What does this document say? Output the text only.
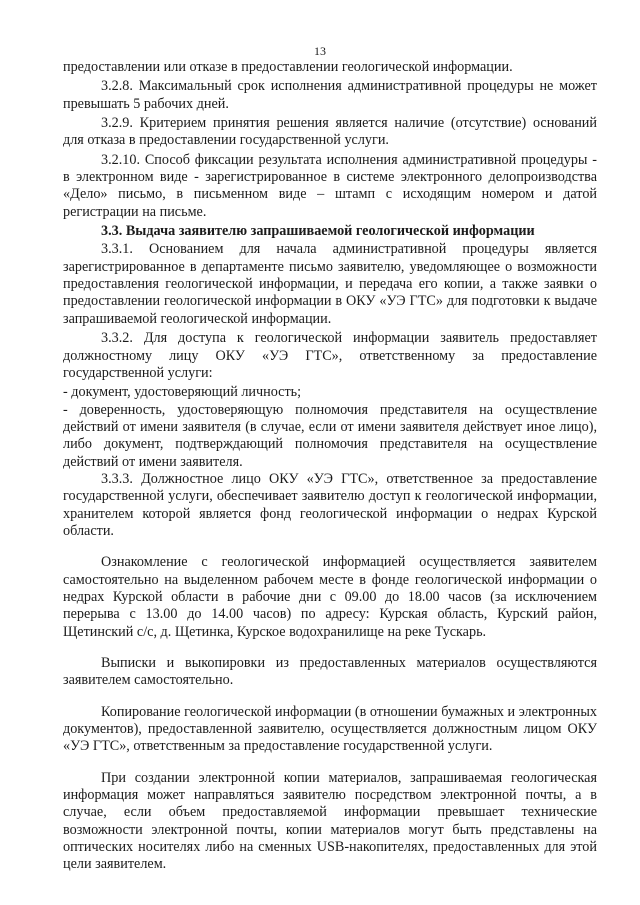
13

предоставлении или отказе в предоставлении геологической информации.

3.2.8. Максимальный срок исполнения административной процедуры не может превышать 5 рабочих дней.

3.2.9. Критерием принятия решения является наличие (отсутствие) оснований для отказа в предоставлении государственной услуги.

3.2.10. Способ фиксации результата исполнения административной процедуры - в электронном виде - зарегистрированное в системе электронного делопроизводства «Дело» письмо, в письменном виде – штамп с исходящим номером и датой регистрации на письме.

3.3. Выдача заявителю запрашиваемой геологической информации

3.3.1. Основанием для начала административной процедуры является зарегистрированное в департаменте письмо заявителю, уведомляющее о возможности предоставления геологической информации, и передача его копии, а также заявки о предоставлении геологической информации в ОКУ «УЭ ГТС» для подготовки к выдаче запрашиваемой геологической информации.

3.3.2. Для доступа к геологической информации заявитель предоставляет должностному лицу ОКУ «УЭ ГТС», ответственному за предоставление государственной услуги:

- документ, удостоверяющий личность;

- доверенность, удостоверяющую полномочия представителя на осуществление действий от имени заявителя (в случае, если от имени заявителя действует иное лицо), либо документ, подтверждающий полномочия представителя на осуществление действий от имени заявителя.

3.3.3. Должностное лицо ОКУ «УЭ ГТС», ответственное за предоставление государственной услуги, обеспечивает заявителю доступ к геологической информации, хранителем которой является фонд геологической информации о недрах Курской области.

Ознакомление с геологической информацией осуществляется заявителем самостоятельно на выделенном рабочем месте в фонде геологической информации о недрах Курской области в рабочие дни с 09.00 до 18.00 часов (за исключением перерыва с 13.00 до 14.00 часов) по адресу: Курская область, Курский район, Щетинский с/с, д. Щетинка, Курское водохранилище на реке Тускарь.

Выписки и выкопировки из предоставленных материалов осуществляются заявителем самостоятельно.

Копирование геологической информации (в отношении бумажных и электронных документов), предоставленной заявителю, осуществляется должностным лицом ОКУ «УЭ ГТС», ответственным за предоставление государственной услуги.

При создании электронной копии материалов, запрашиваемая геологическая информация может направляться заявителю посредством электронной почты, а в случае, если объем предоставляемой информации превышает технические возможности электронной почты, копии материалов могут быть представлены на оптических носителях либо на сменных USB-накопителях, предоставленных для этой цели заявителем.
